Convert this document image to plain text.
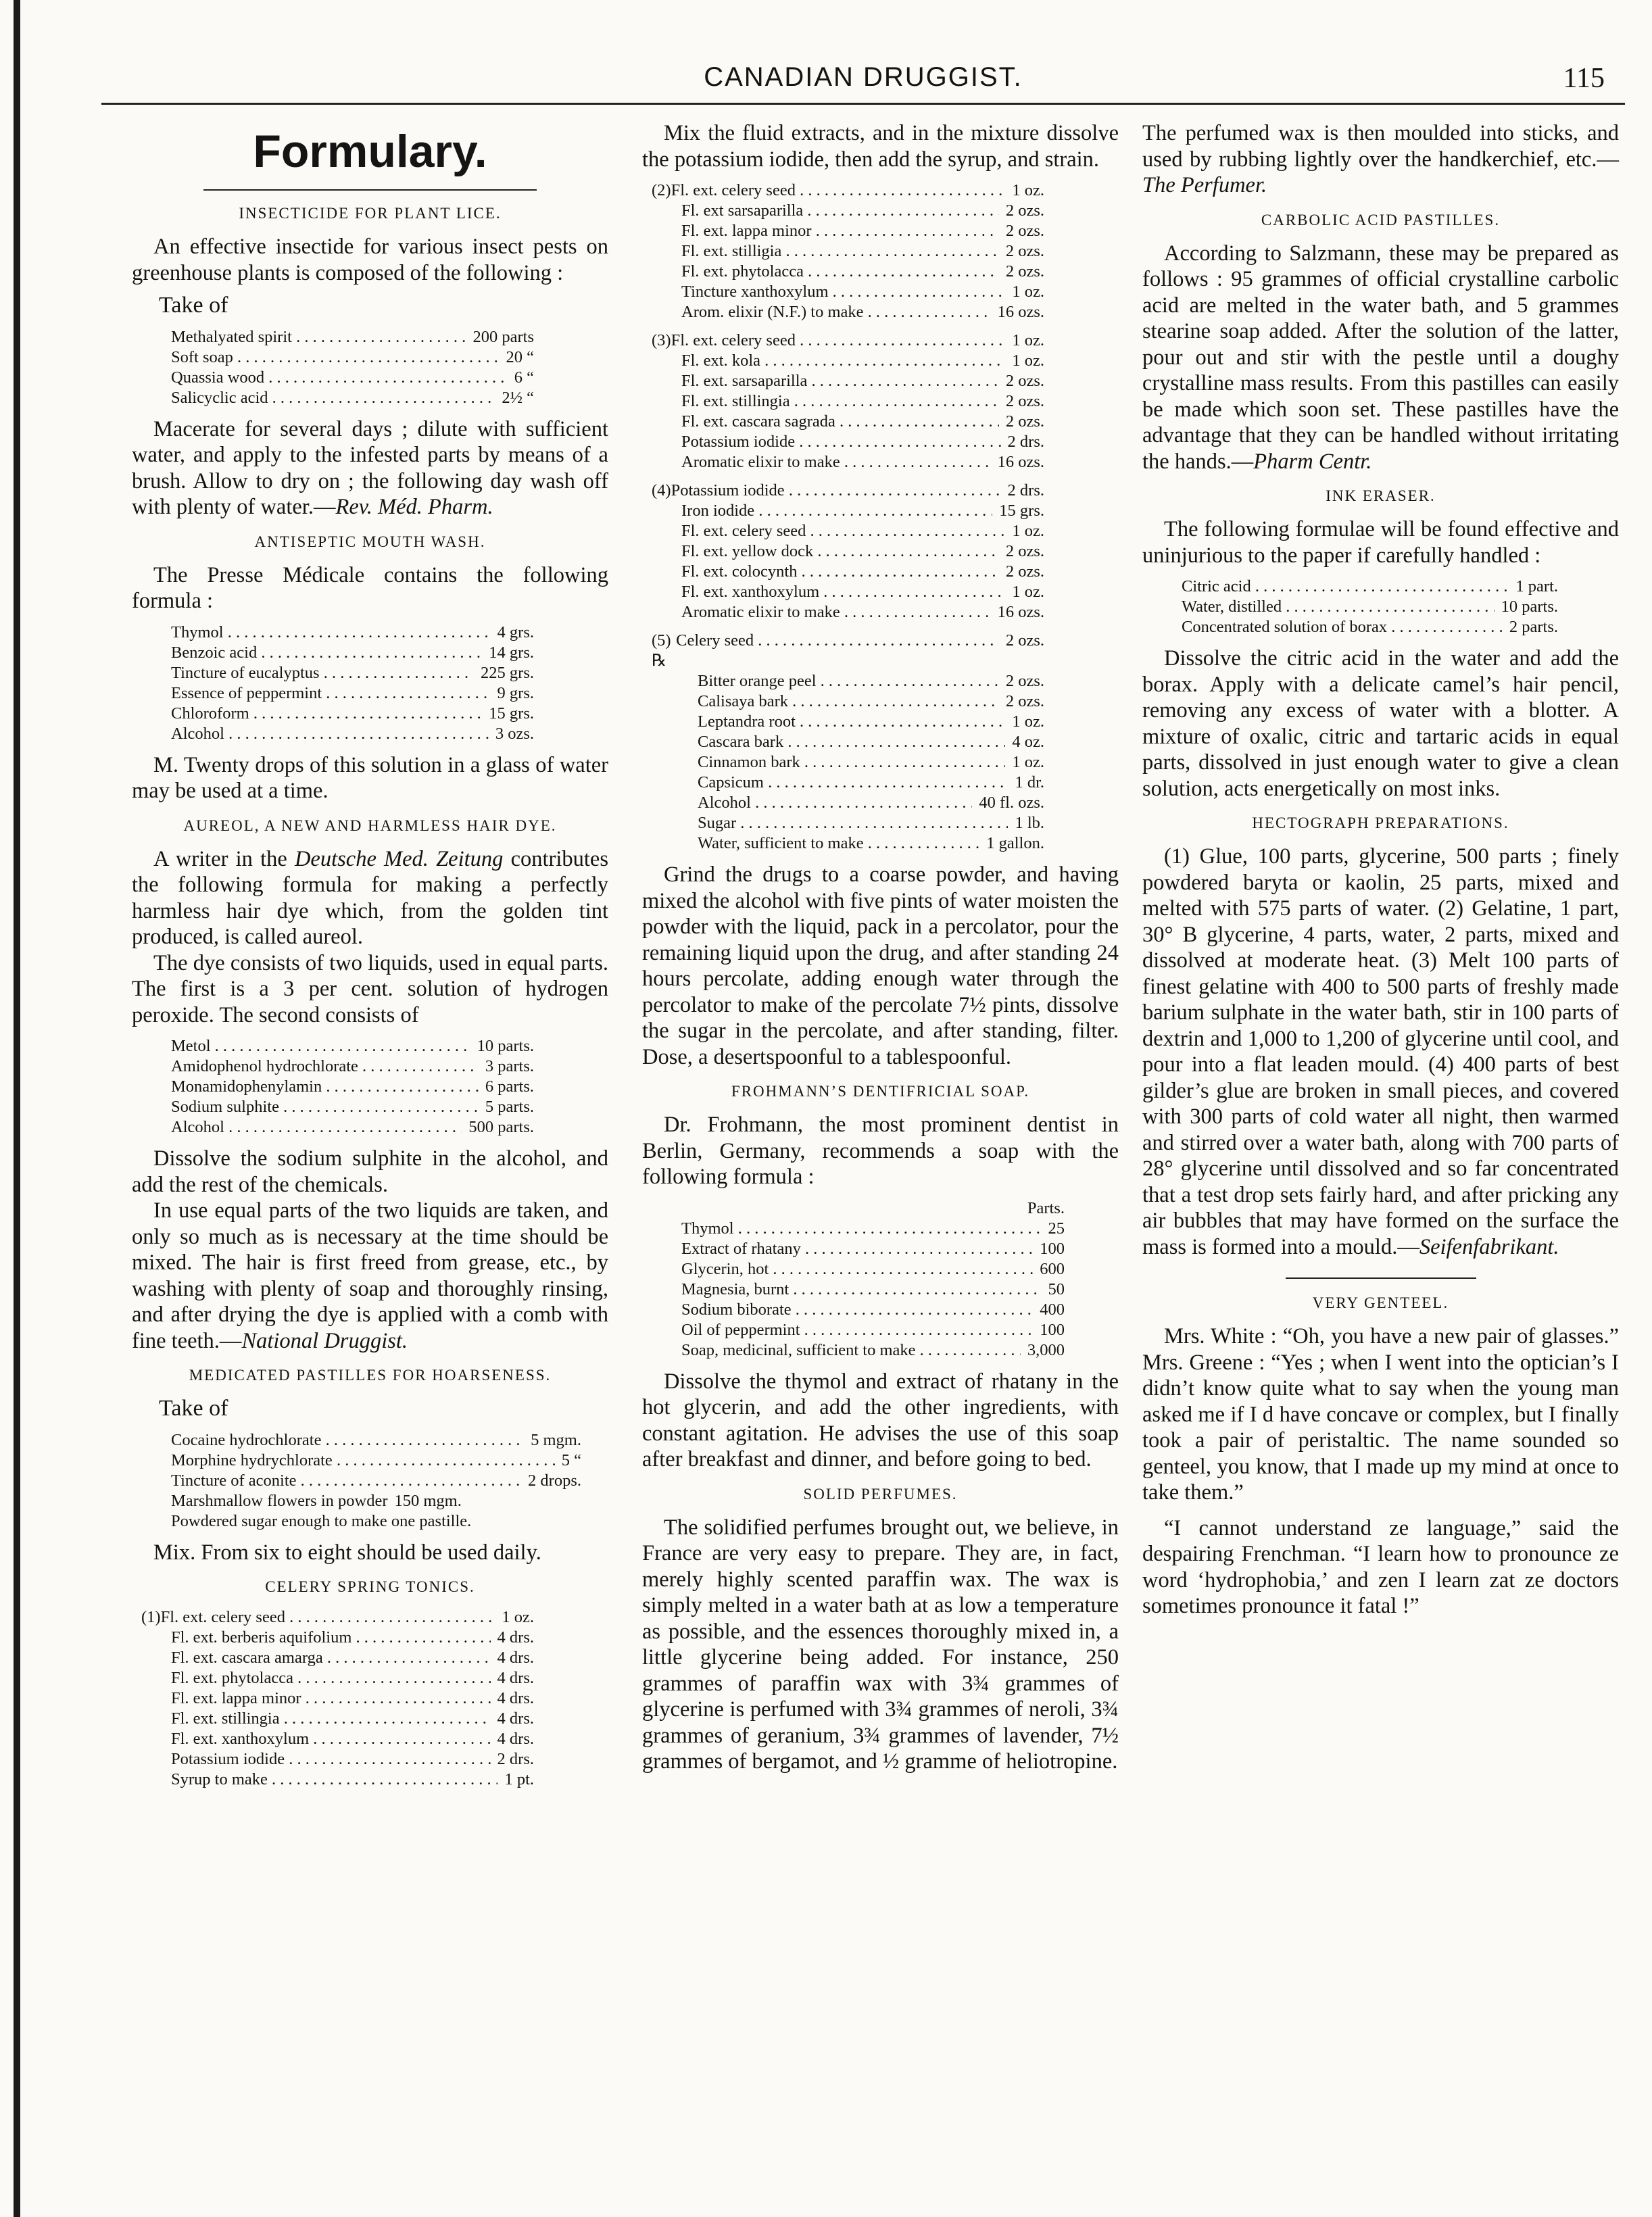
CANADIAN DRUGGIST.	115
Formulary.
INSECTICIDE FOR PLANT LICE.

An effective insectide for various insect pests on greenhouse plants is composed of the following :

Take of
Methalyated spirit . . .	200 parts
Soft soap . . .	20 “
Quassia wood . . .	6 “
Salicyclic acid . . .	2½ “

Macerate for several days ; dilute with sufficient water, and apply to the infested parts by means of a brush. Allow to dry on ; the following day wash off with plenty of water.—Rev. Méd. Pharm.

ANTISEPTIC MOUTH WASH.

The Presse Médicale contains the following formula :

Thymol . . .	4 grs.
Benzoic acid . . .	14 grs.
Tincture of eucalyptus . . .	225 grs.
Essence of peppermint . . .	9 grs.
Chloroform . . .	15 grs.
Alcohol . . .	3 ozs.

M. Twenty drops of this solution in a glass of water may be used at a time.

AUREOL, A NEW AND HARMLESS HAIR DYE.

A writer in the Deutsche Med. Zeitung contributes the following formula for making a perfectly harmless hair dye which, from the golden tint produced, is called aureol.

The dye consists of two liquids, used in equal parts. The first is a 3 per cent. solution of hydrogen peroxide. The second consists of

Metol . . .	10 parts.
Amidophenol hydrochlorate . . .	3 parts.
Monamidophenylamin . . .	6 parts.
Sodium sulphite . . .	5 parts.
Alcohol . . .	500 parts.

Dissolve the sodium sulphite in the alcohol, and add the rest of the chemicals.

In use equal parts of the two liquids are taken, and only so much as is necessary at the time should be mixed. The hair is first freed from grease, etc., by washing with plenty of soap and thoroughly rinsing, and after drying the dye is applied with a comb with fine teeth.—National Druggist.

MEDICATED PASTILLES FOR HOARSENESS.
Take of
Cocaine hydrochlorate . . .	5 mgm.
Morphine hydrychlorate . . .	5 “
Tincture of aconite . . .	2 drops.
Marshmallow flowers in powder 150 mgm.
Powdered sugar enough to make one pastille.

Mix. From six to eight should be used daily.

CELERY SPRING TONICS.
(1) Fl. ext. celery seed . . .	1 oz.
Fl. ext. berberis aquifolium . . .	4 drs.
Fl. ext. cascara amarga . . .	4 drs.
Fl. ext. phytolacca . . .	4 drs.
Fl. ext. lappa minor . . .	4 drs.
Fl. ext. stillingia . . .	4 drs.
Fl. ext. xanthoxylum . . .	4 drs.
Potassium iodide . . .	2 drs.
Syrup to make . . .	1 pt.

Mix the fluid extracts, and in the mixture dissolve the potassium iodide, then add the syrup, and strain.

(2) Fl. ext. celery seed . . .	1 oz.
Fl. ext sarsaparilla . . .	2 ozs.
Fl. ext. lappa minor . . .	2 ozs.
Fl. ext. stilligia . . .	2 ozs.
Fl. ext. phytolacca . . .	2 ozs.
Tincture xanthoxylum . . .	1 oz.
Arom. elixir (N.F.) to make . . .	16 ozs.
(3) Fl. ext. celery seed . . .	1 oz.
Fl. ext. kola . . .	1 oz.
Fl. ext. sarsaparilla . . .	2 ozs.
Fl. ext. stillingia . . .	2 ozs.
Fl. ext. cascara sagrada . . .	2 ozs.
Potassium iodide . . .	2 drs.
Aromatic elixir to make . . .	16 ozs.
(4) Potassium iodide . . .	2 drs.
Iron iodide . . .	15 grs.
Fl. ext. celery seed . . .	1 oz.
Fl. ext. yellow dock . . .	2 ozs.
Fl. ext. colocynth . . .	2 ozs.
Fl. ext. xanthoxylum . . .	1 oz.
Aromatic elixir to make . . .	16 ozs.
(5) ℞
Celery seed . . .	2 ozs.
Bitter orange peel . . .	2 ozs.
Calisaya bark . . .	2 ozs.
Leptandra root . . .	1 oz.
Cascara bark . . .	4 oz.
Cinnamon bark . . .	1 oz.
Capsicum . . .	1 dr.
Alcohol . . .	40 fl. ozs.
Sugar . . .	1 lb.
Water, sufficient to make . . .	1 gallon.

Grind the drugs to a coarse powder, and having mixed the alcohol with five pints of water moisten the powder with the liquid, pack in a percolator, pour the remaining liquid upon the drug, and after standing 24 hours percolate, adding enough water through the percolator to make of the percolate 7½ pints, dissolve the sugar in the percolate, and after standing, filter. Dose, a desertspoonful to a tablespoonful.

FROHMANN’S DENTIFRICIAL SOAP.

Dr. Frohmann, the most prominent dentist in Berlin, Germany, recommends a soap with the following formula :

Parts.
Thymol . . .	25
Extract of rhatany . . .	100
Glycerin, hot . . .	600
Magnesia, burnt . . .	50
Sodium biborate . . .	400
Oil of peppermint . . .	100
Soap, medicinal, sufficient to make . . .	3,000

Dissolve the thymol and extract of rhatany in the hot glycerin, and add the other ingredients, with constant agitation. He advises the use of this soap after breakfast and dinner, and before going to bed.

SOLID PERFUMES.

The solidified perfumes brought out, we believe, in France are very easy to prepare. They are, in fact, merely highly scented paraffin wax. The wax is simply melted in a water bath at as low a temperature as possible, and the essences thoroughly mixed in, a little glycerine being added. For instance, 250 grammes of paraffin wax with 3¾ grammes of glycerine is perfumed with 3¾ grammes of neroli, 3¾ grammes of geranium, 3¾ grammes of lavender, 7½ grammes of bergamot, and ½ gramme of heliotropine.

The perfumed wax is then moulded into sticks, and used by rubbing lightly over the handkerchief, etc.—The Perfumer.

CARBOLIC ACID PASTILLES.

According to Salzmann, these may be prepared as follows : 95 grammes of official crystalline carbolic acid are melted in the water bath, and 5 grammes stearine soap added. After the solution of the latter, pour out and stir with the pestle until a doughy crystalline mass results. From this pastilles can easily be made which soon set. These pastilles have the advantage that they can be handled without irritating the hands.—Pharm Centr.

INK ERASER.

The following formulae will be found effective and uninjurious to the paper if carefully handled :

Citric acid . . .	1 part.
Water, distilled . . .	10 parts.
Concentrated solution of borax . . .	2 parts.

Dissolve the citric acid in the water and add the borax. Apply with a delicate camel’s hair pencil, removing any excess of water with a blotter. A mixture of oxalic, citric and tartaric acids in equal parts, dissolved in just enough water to give a clean solution, acts energetically on most inks.

HECTOGRAPH PREPARATIONS.

(1) Glue, 100 parts, glycerine, 500 parts ; finely powdered baryta or kaolin, 25 parts, mixed and melted with 575 parts of water. (2) Gelatine, 1 part, 30° B glycerine, 4 parts, water, 2 parts, mixed and dissolved at moderate heat. (3) Melt 100 parts of finest gelatine with 400 to 500 parts of freshly made barium sulphate in the water bath, stir in 100 parts of dextrin and 1,000 to 1,200 of glycerine until cool, and pour into a flat leaden mould. (4) 400 parts of best gilder’s glue are broken in small pieces, and covered with 300 parts of cold water all night, then warmed and stirred over a water bath, along with 700 parts of 28° glycerine until dissolved and so far concentrated that a test drop sets fairly hard, and after pricking any air bubbles that may have formed on the surface the mass is formed into a mould.—Seifenfabrikant.

VERY GENTEEL.

Mrs. White : “Oh, you have a new pair of glasses.” Mrs. Greene : “Yes ; when I went into the optician’s I didn’t know quite what to say when the young man asked me if I d have concave or complex, but I finally took a pair of peristaltic. The name sounded so genteel, you know, that I made up my mind at once to take them.”

“I cannot understand ze language,” said the despairing Frenchman. “I learn how to pronounce ze word ‘hydrophobia,’ and zen I learn zat ze doctors sometimes pronounce it fatal !”
